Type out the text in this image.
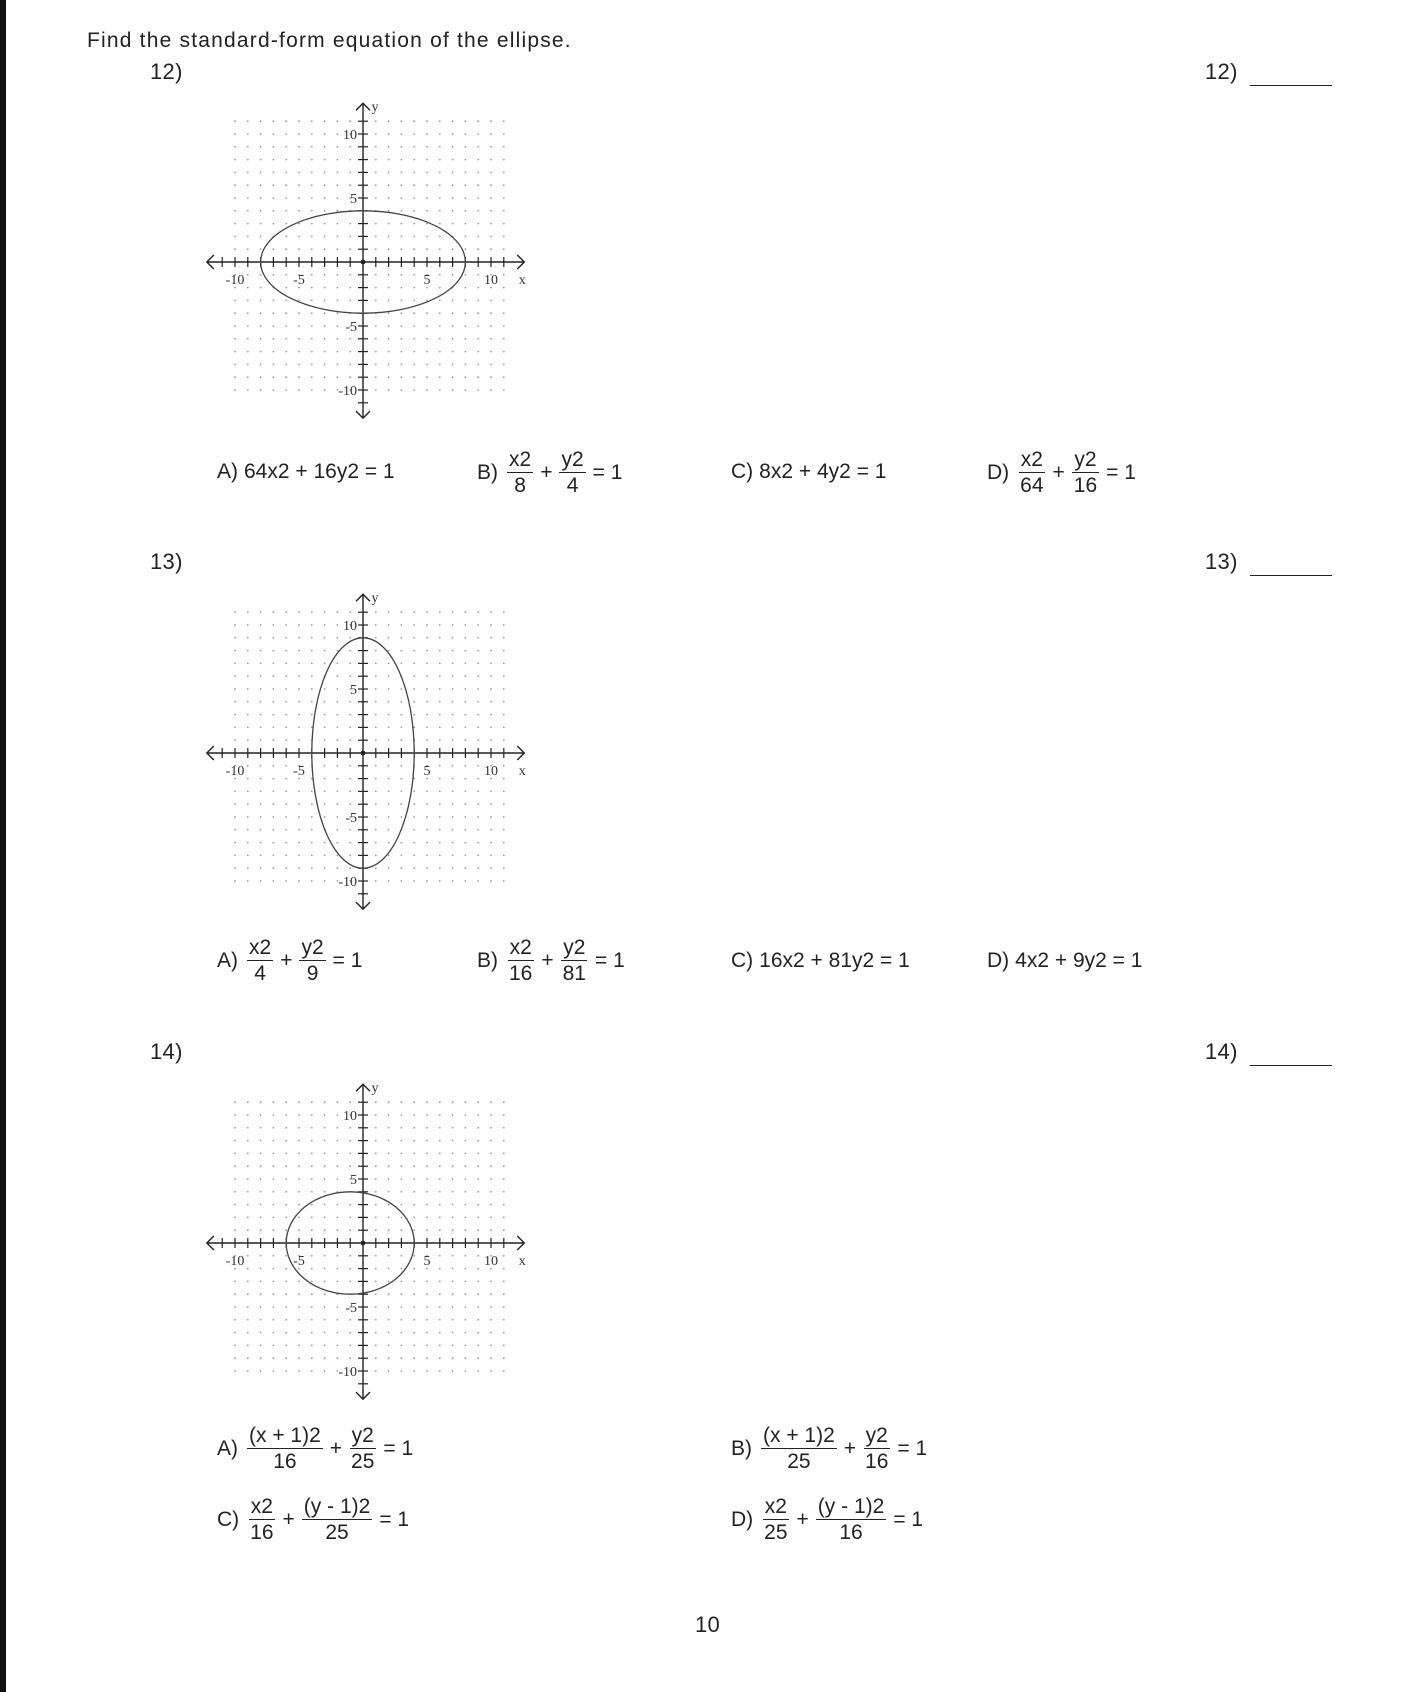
Find the standard-form equation of the ellipse.
12)	12)
-10	-5	5	10
10
5
-5
-10
x
y
A) 64x2 + 16y2 = 1	$B) \frac{x2}{8} + \frac{y2}{4} = 1$	C) 8x2 + 4y2 = 1	$D) \frac{x2}{64} + \frac{y2}{16} = 1$
13)	13)
-10	-5	5	10
10
5
-5
-10
x
y
$A) \frac{x2}{4} + \frac{y2}{9} = 1$	$B) \frac{x2}{16} + \frac{y2}{81} = 1$	C) 16x2 + 81y2 = 1	D) 4x2 + 9y2 = 1
14)	14)
-10	-5	5	10
10
5
-5
-10
x
y
$A) \frac{(x + 1)2}{16} + \frac{y2}{25} = 1$	$B) \frac{(x + 1)2}{25} + \frac{y2}{16} = 1$
$C) \frac{x2}{16} + \frac{(y - 1)2}{25} = 1$	$D) \frac{x2}{25} + \frac{(y - 1)2}{16} = 1$
10
